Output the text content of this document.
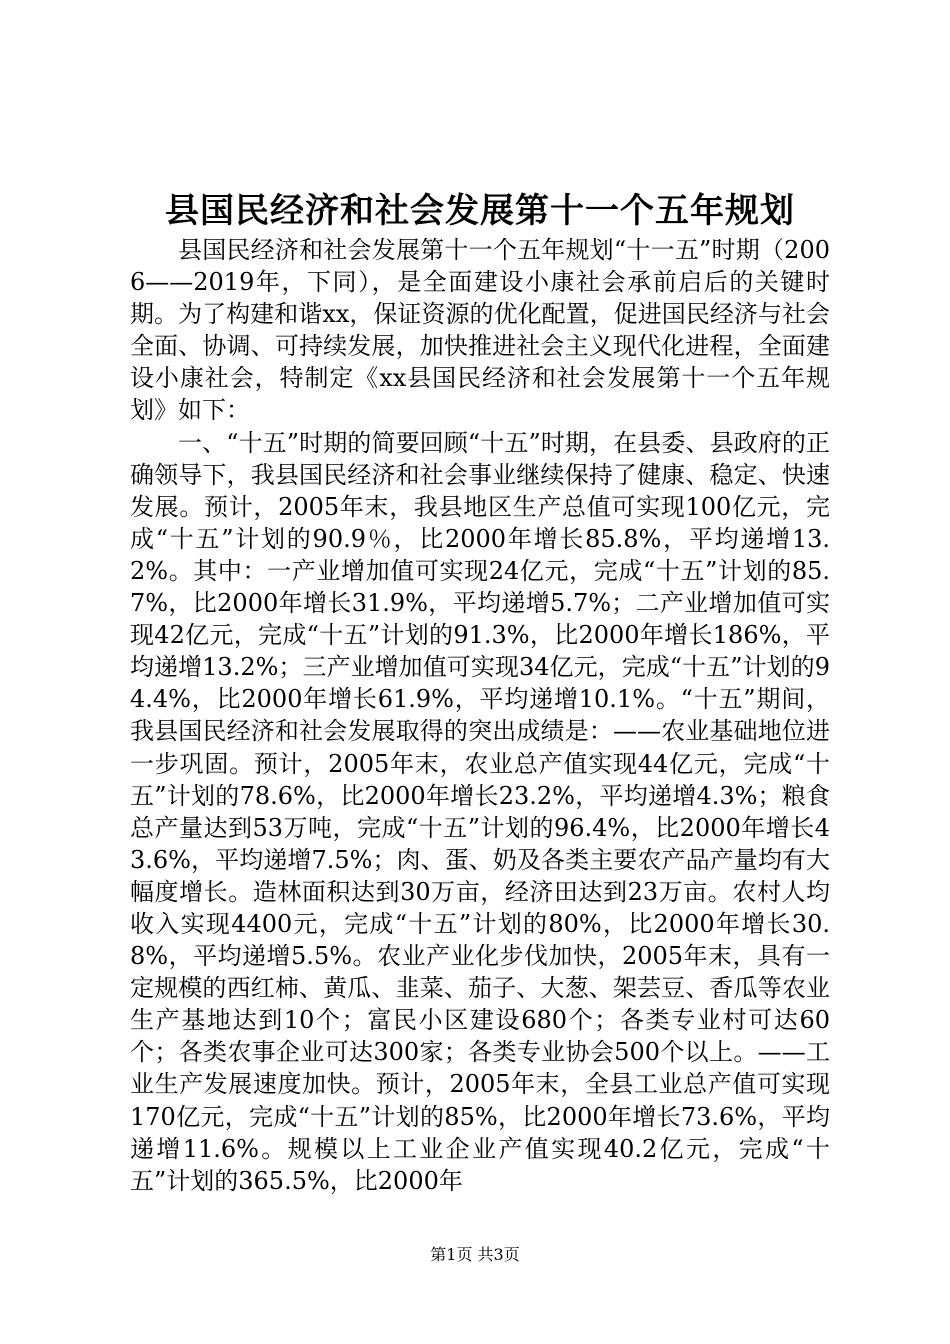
县国民经济和社会发展第十一个五年规划

县国民经济和社会发展第十一个五年规划“十一五”时期（2006——2019年，下同），是全面建设小康社会承前启后的关键时期。为了构建和谐xx，保证资源的优化配置，促进国民经济与社会全面、协调、可持续发展，加快推进社会主义现代化进程，全面建设小康社会，特制定《xx县国民经济和社会发展第十一个五年规划》如下：

一、“十五”时期的简要回顾“十五”时期，在县委、县政府的正确领导下，我县国民经济和社会事业继续保持了健康、稳定、快速发展。预计，2005年末，我县地区生产总值可实现100亿元，完成“十五”计划的90.9％，比2000年增长85.8%，平均递增13.2%。其中：一产业增加值可实现24亿元，完成“十五”计划的85.7%，比2000年增长31.9%，平均递增5.7%；二产业增加值可实现42亿元，完成“十五”计划的91.3%，比2000年增长186%，平均递增13.2%；三产业增加值可实现34亿元，完成“十五”计划的94.4%，比2000年增长61.9%，平均递增10.1%。“十五”期间，我县国民经济和社会发展取得的突出成绩是：——农业基础地位进一步巩固。预计，2005年末，农业总产值实现44亿元，完成“十五”计划的78.6%，比2000年增长23.2%，平均递增4.3%；粮食总产量达到53万吨，完成“十五”计划的96.4%，比2000年增长43.6%，平均递增7.5%；肉、蛋、奶及各类主要农产品产量均有大幅度增长。造林面积达到30万亩，经济田达到23万亩。农村人均收入实现4400元，完成“十五”计划的80%，比2000年增长30.8%，平均递增5.5%。农业产业化步伐加快，2005年末，具有一定规模的西红柿、黄瓜、韭菜、茄子、大葱、架芸豆、香瓜等农业生产基地达到10个；富民小区建设680个；各类专业村可达60个；各类农事企业可达300家；各类专业协会500个以上。——工业生产发展速度加快。预计，2005年末，全县工业总产值可实现170亿元，完成“十五”计划的85%，比2000年增长73.6%，平均递增11.6%。规模以上工业企业产值实现40.2亿元，完成“十五”计划的365.5%，比2000年

第1页 共3页
